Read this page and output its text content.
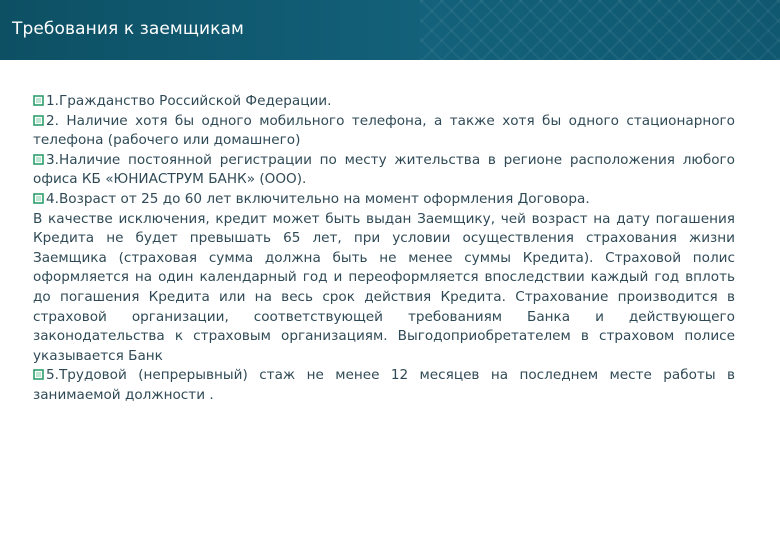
Требования к заемщикам

1.Гражданство Российской Федерации.

2. Наличие хотя бы одного мобильного телефона, а также хотя бы одного стационарного телефона (рабочего или домашнего)

3.Наличие постоянной регистрации по месту жительства в регионе расположения любого офиса КБ «ЮНИАСТРУМ БАНК» (ООО).

4.Возраст от 25 до 60 лет включительно на момент оформления Договора.

В качестве исключения, кредит может быть выдан Заемщику, чей возраст на дату погашения Кредита не будет превышать 65 лет, при условии осуществления страхования жизни Заемщика (страховая сумма должна быть не менее суммы Кредита). Страховой полис оформляется на один календарный год и переоформляется впоследствии каждый год вплоть до погашения Кредита или на весь срок действия Кредита. Страхование производится в страховой организации, соответствующей требованиям Банка и действующего законодательства к страховым организациям. Выгодоприобретателем в страховом полисе указывается Банк

5.Трудовой (непрерывный) стаж не менее 12 месяцев на последнем месте работы в занимаемой должности .
